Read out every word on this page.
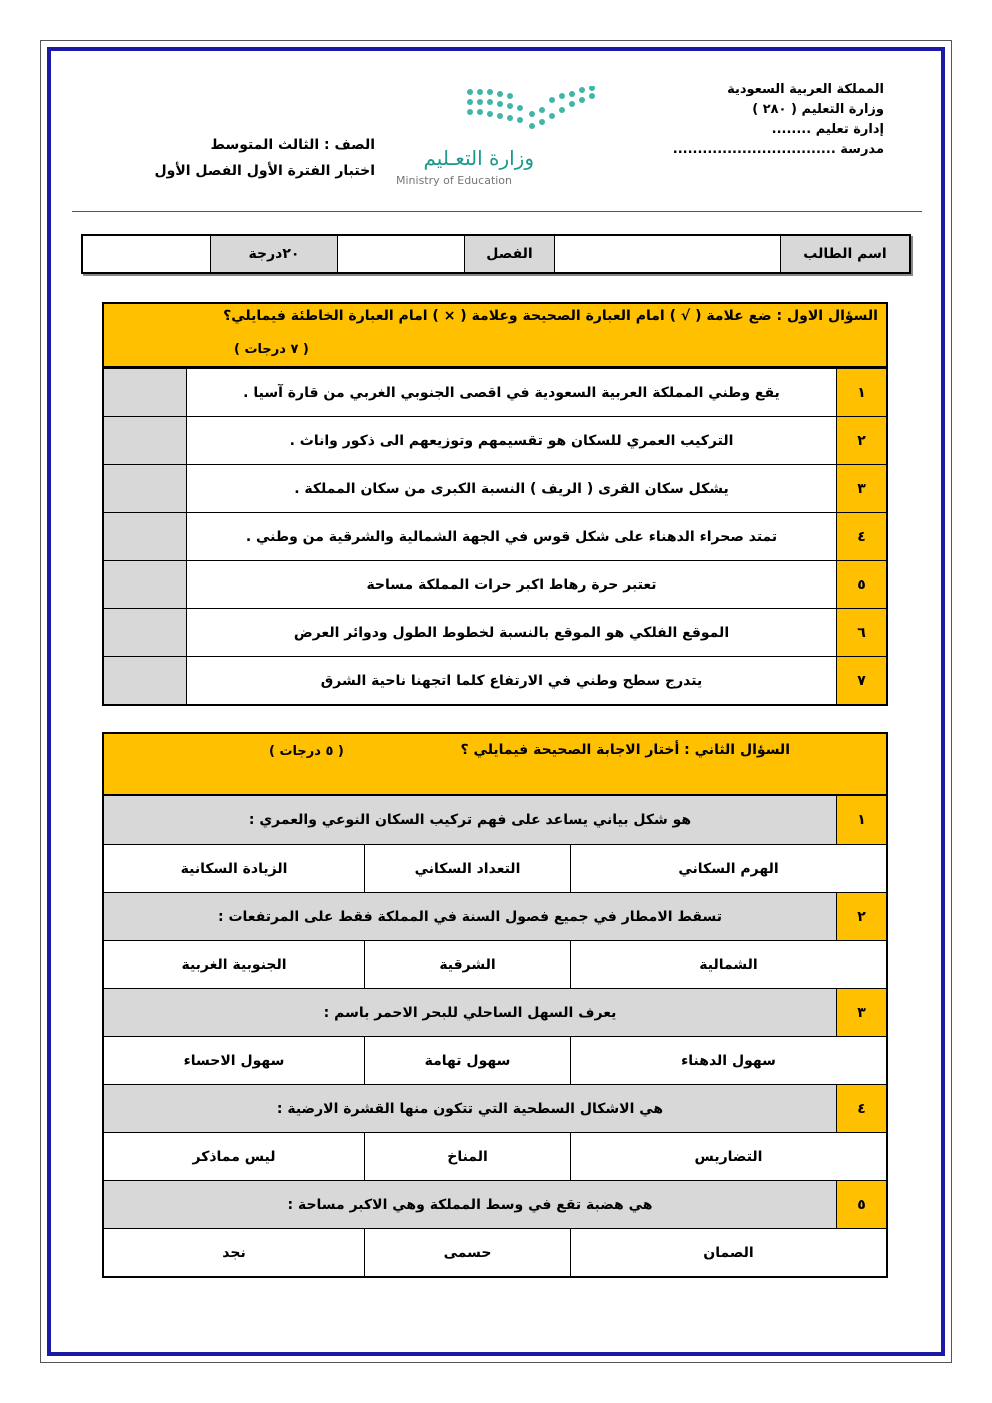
المملكة العربية السعودية
وزارة التعليم ( ٢٨٠ )
إدارة تعليم ........
مدرسة .................................
وزارة التعـليم
Ministry of Education
الصف : الثالث المتوسط
اختبار الفترة الأول الفصل الأول
اسم الطالب
الفصل
٢٠درجة
السؤال الاول : ضع علامة ( √ ) امام العبارة الصحيحة وعلامة ( × ) امام العبارة الخاطئة فيمايلي؟
( ٧ درجات )
١
يقع وطني المملكة العربية السعودية في اقصى الجنوبي الغربي من قارة آسيا .
٢
التركيب العمري للسكان هو تقسيمهم وتوزيعهم الى ذكور واناث .
٣
يشكل سكان القرى ( الريف ) النسبة الكبرى من سكان المملكة .
٤
تمتد صحراء الدهناء على شكل قوس في الجهة الشمالية والشرقية من وطني .
٥
تعتبر حرة رهاط اكبر حرات المملكة مساحة
٦
الموقع الفلكي هو الموقع بالنسبة لخطوط الطول ودوائر العرض
٧
يتدرج سطح وطني في الارتفاع كلما اتجهنا ناحية الشرق
السؤال الثاني : أختار الاجابة الصحيحة فيمايلي ؟
( ٥ درجات )
١
هو شكل بياني يساعد على فهم تركيب السكان النوعي والعمري :
الهرم السكاني
التعداد السكاني
الزيادة السكانية
٢
تسقط الامطار في جميع فصول السنة في المملكة فقط على المرتفعات :
الشمالية
الشرقية
الجنوبية الغربية
٣
يعرف السهل الساحلي للبحر الاحمر باسم :
سهول الدهناء
سهول تهامة
سهول الاحساء
٤
هي الاشكال السطحية التي تتكون منها القشرة الارضية :
التضاريس
المناخ
ليس مماذكر
٥
هي هضبة تقع في وسط المملكة وهي الاكبر مساحة :
الصمان
حسمى
نجد
